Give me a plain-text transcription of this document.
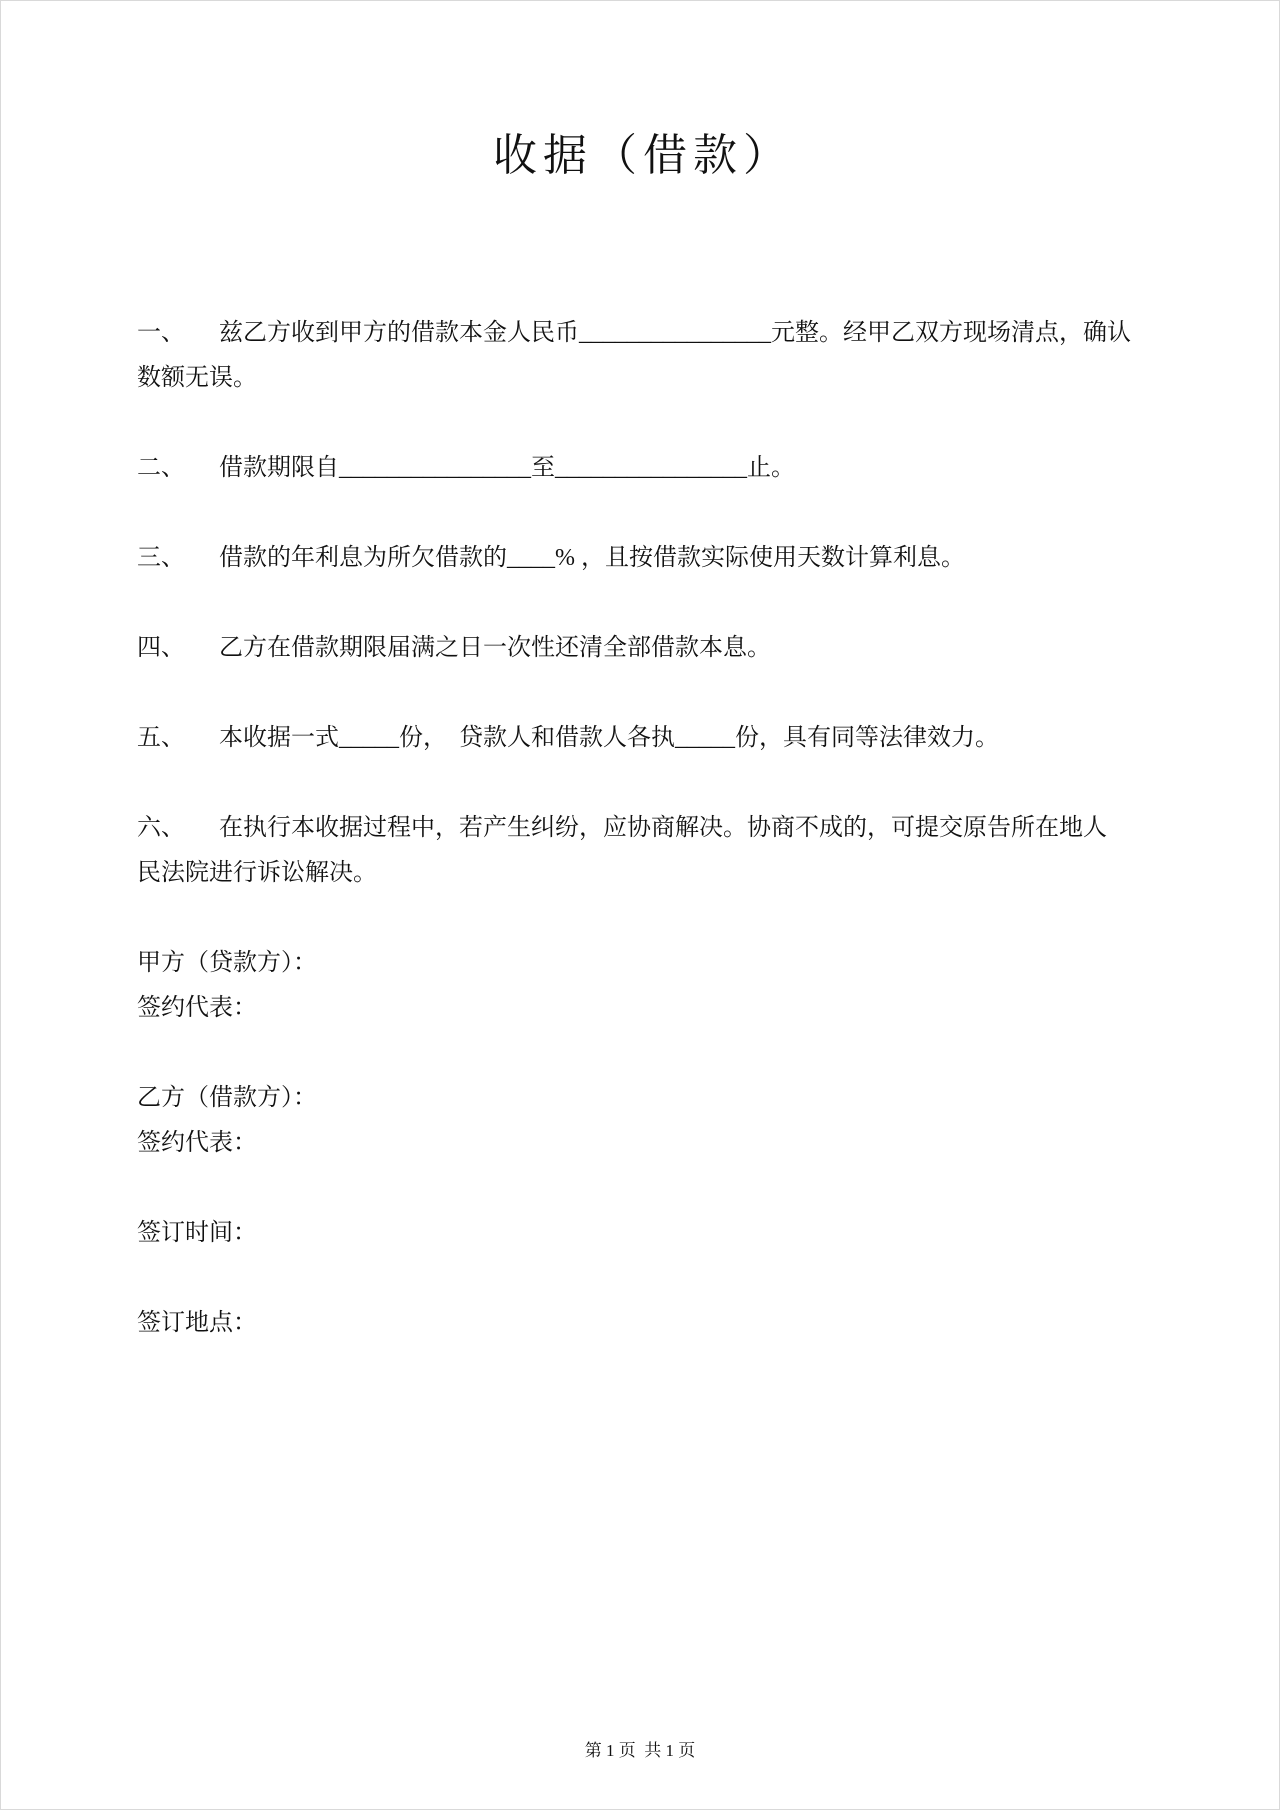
收据（借款）
一、 兹乙方收到甲方的借款本金人民币________________元整。经甲乙双方现场清点，确认
数额无误。
二、 借款期限自________________至________________止。
三、 借款的年利息为所欠借款的____% ，且按借款实际使用天数计算利息。
四、 乙方在借款期限届满之日一次性还清全部借款本息。
五、 本收据一式_____份，　贷款人和借款人各执_____份，具有同等法律效力。
六、 在执行本收据过程中，若产生纠纷，应协商解决。协商不成的，可提交原告所在地人
民法院进行诉讼解决。
甲方（贷款方）：
签约代表：
乙方（借款方）：
签约代表：
签订时间：
签订地点：
第 1 页  共 1 页
